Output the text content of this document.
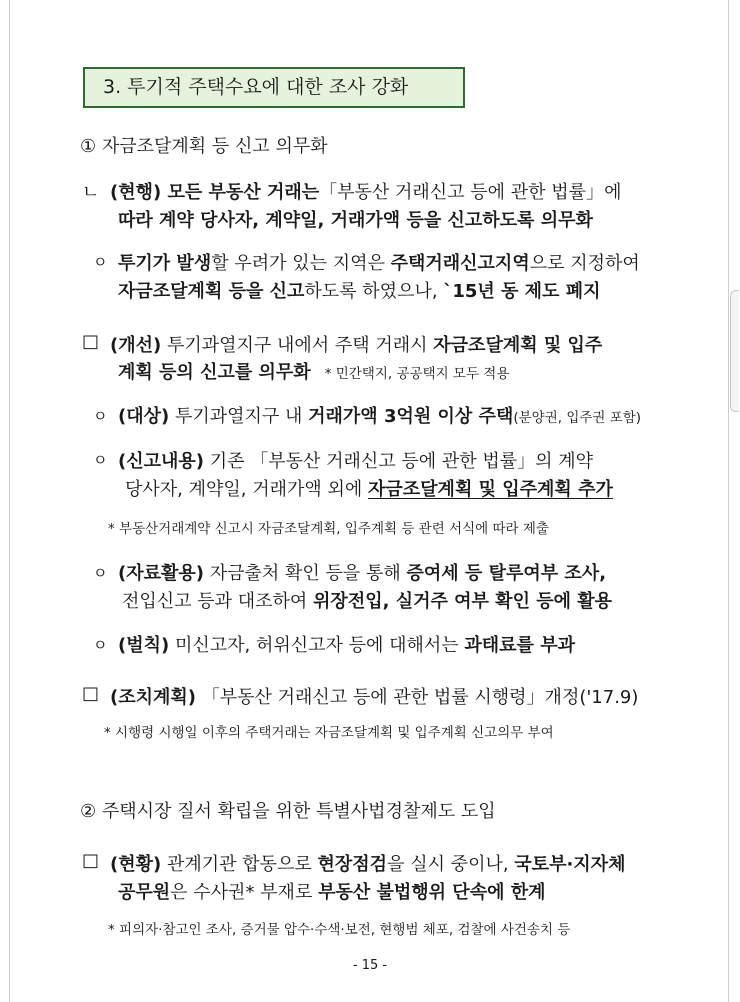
3. 투기적 주택수요에 대한 조사 강화
① 자금조달계획 등 신고 의무화
ㄴ (현행) 모든 부동산 거래는「부동산 거래신고 등에 관한 법률」에
따라 계약 당사자, 계약일, 거래가액 등을 신고하도록 의무화
ㅇ 투기가 발생할 우려가 있는 지역은 주택거래신고지역으로 지정하여
자금조달계획 등을 신고하도록 하였으나, `15년 동 제도 폐지
□ (개선) 투기과열지구 내에서 주택 거래시 자금조달계획 및 입주
계획 등의 신고를 의무화 * 민간택지, 공공택지 모두 적용
ㅇ (대상) 투기과열지구 내 거래가액 3억원 이상 주택(분양권, 입주권 포함)
ㅇ (신고내용) 기존 「부동산 거래신고 등에 관한 법률」의 계약
당사자, 계약일, 거래가액 외에 자금조달계획 및 입주계획 추가
* 부동산거래계약 신고시 자금조달계획, 입주계획 등 관련 서식에 따라 제출
ㅇ (자료활용) 자금출처 확인 등을 통해 증여세 등 탈루여부 조사,
전입신고 등과 대조하여 위장전입, 실거주 여부 확인 등에 활용
ㅇ (벌칙) 미신고자, 허위신고자 등에 대해서는 과태료를 부과
□ (조치계획) 「부동산 거래신고 등에 관한 법률 시행령」개정('17.9)
* 시행령 시행일 이후의 주택거래는 자금조달계획 및 입주계획 신고의무 부여
② 주택시장 질서 확립을 위한 특별사법경찰제도 도입
□ (현황) 관계기관 합동으로 현장점검을 실시 중이나, 국토부·지자체
공무원은 수사권* 부재로 부동산 불법행위 단속에 한계
* 피의자·참고인 조사, 증거물 압수·수색·보전, 현행범 체포, 검찰에 사건송치 등
- 15 -
